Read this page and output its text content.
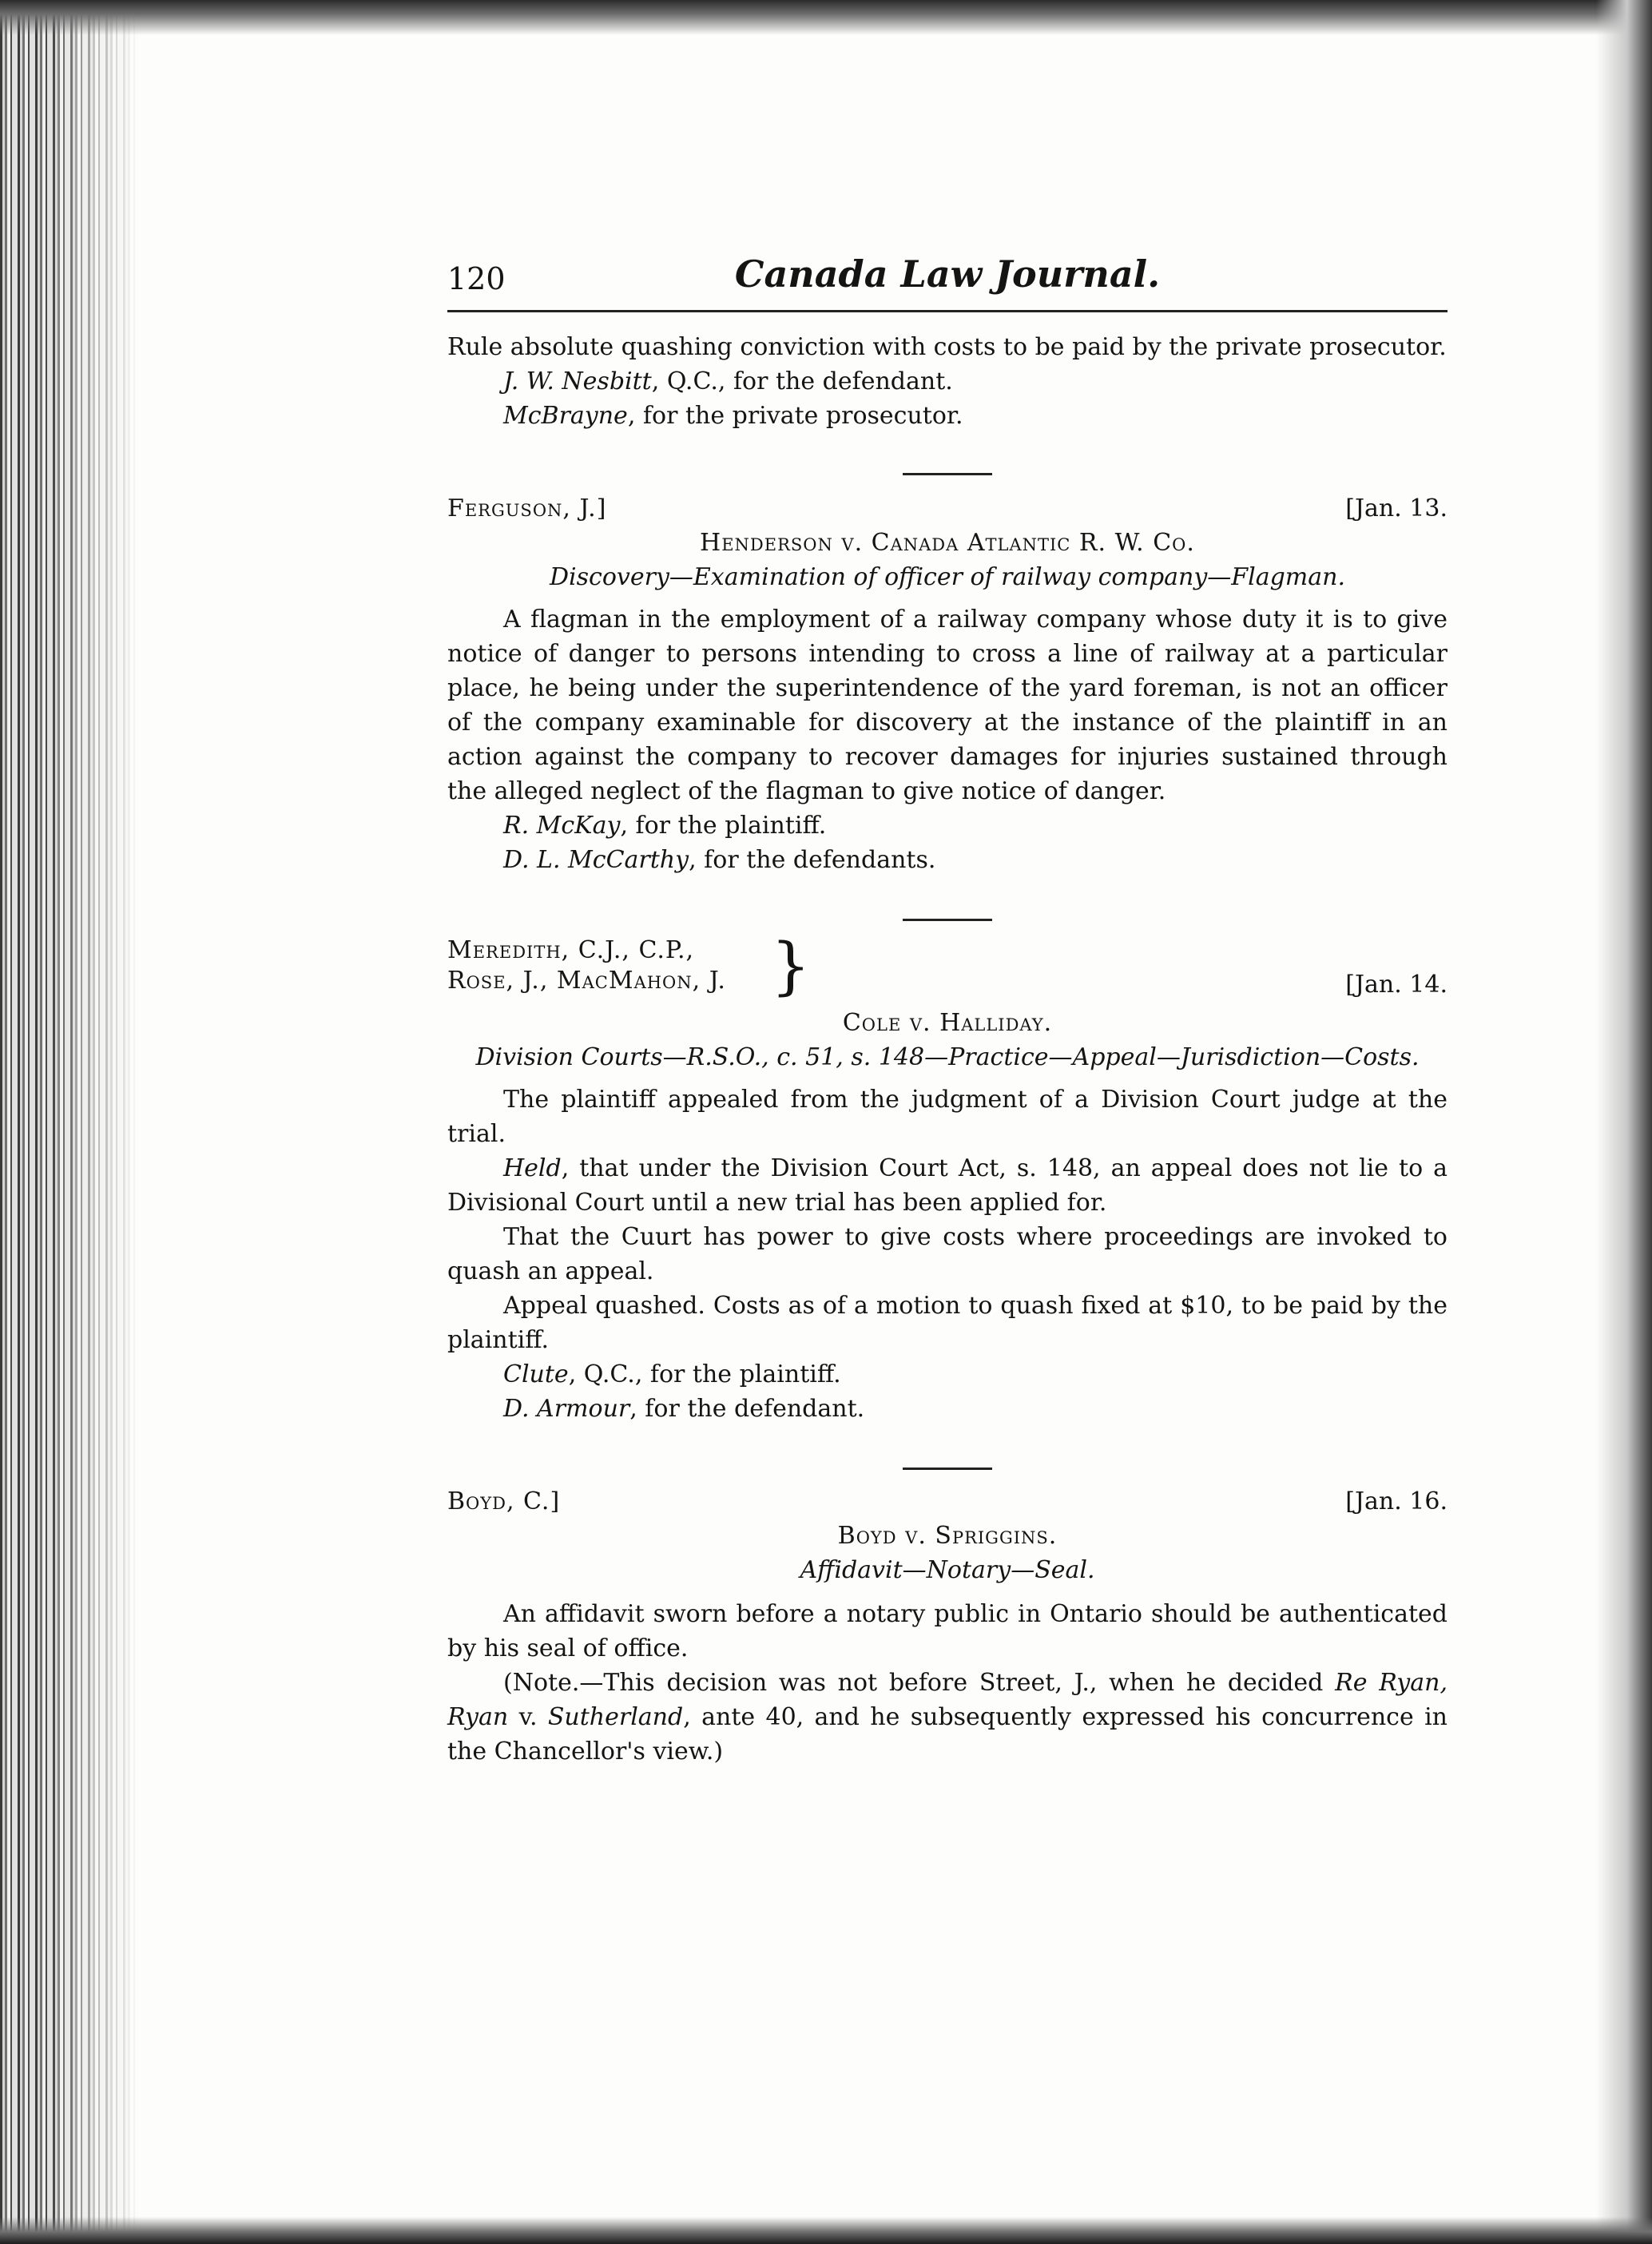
120	Canada Law Journal.

Rule absolute quashing conviction with costs to be paid by the private prosecutor.

J. W. Nesbitt, Q.C., for the defendant.

McBrayne, for the private prosecutor.

Ferguson, J.]	[Jan. 13.

Henderson v. Canada Atlantic R. W. Co.

Discovery—Examination of officer of railway company—Flagman.

A flagman in the employment of a railway company whose duty it is to give notice of danger to persons intending to cross a line of railway at a particular place, he being under the superintendence of the yard foreman, is not an officer of the company examinable for discovery at the instance of the plaintiff in an action against the company to recover damages for injuries sustained through the alleged neglect of the flagman to give notice of danger.

R. McKay, for the plaintiff.

D. L. McCarthy, for the defendants.

Meredith, C.J., C.P.,
Rose, J., MacMahon, J. }	[Jan. 14.

Cole v. Halliday.

Division Courts—R.S.O., c. 51, s. 148—Practice—Appeal—Jurisdiction—Costs.

The plaintiff appealed from the judgment of a Division Court judge at the trial.

Held, that under the Division Court Act, s. 148, an appeal does not lie to a Divisional Court until a new trial has been applied for.

That the Cuurt has power to give costs where proceedings are invoked to quash an appeal.

Appeal quashed. Costs as of a motion to quash fixed at $10, to be paid by the plaintiff.

Clute, Q.C., for the plaintiff.

D. Armour, for the defendant.

Boyd, C.]	[Jan. 16.

Boyd v. Spriggins.

Affidavit—Notary—Seal.

An affidavit sworn before a notary public in Ontario should be authenticated by his seal of office.

(Note.—This decision was not before Street, J., when he decided Re Ryan, Ryan v. Sutherland, ante 40, and he subsequently expressed his concurrence in the Chancellor's view.)
